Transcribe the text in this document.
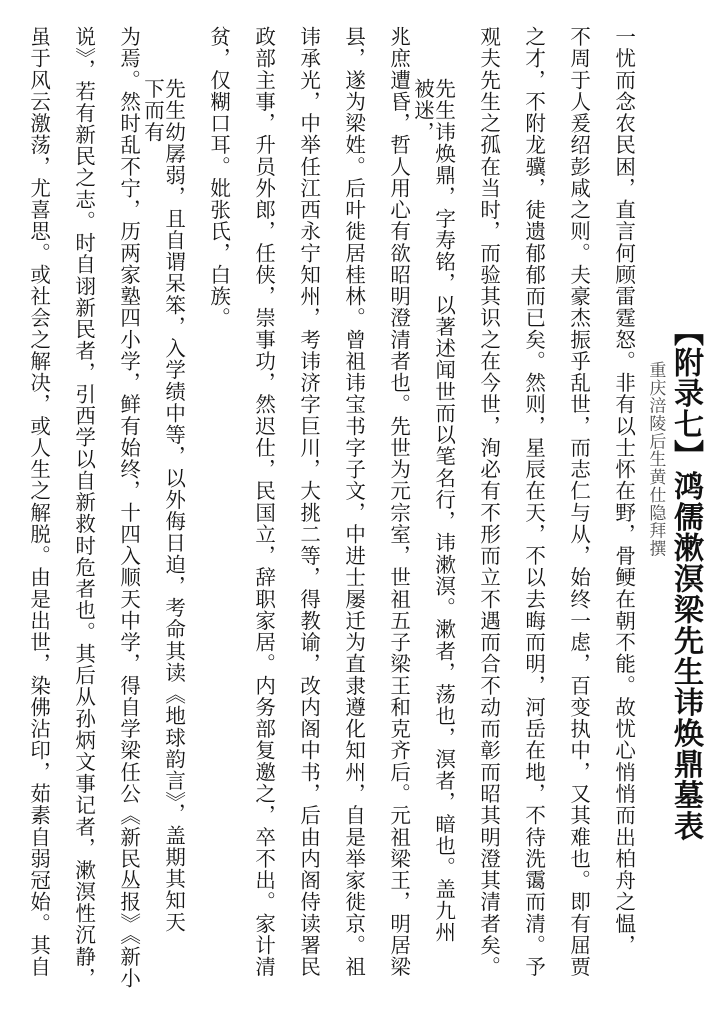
【附录七】鸿儒漱溟梁先生讳焕鼎墓表
重庆涪陵后生黄仕隐拜撰
一忧而念农民困，直言何顾雷霆怒。非有以士怀在野，骨鲠在朝不能。故忧心悄悄而出柏舟之愠，
不周于人爰绍彭咸之则。夫豪杰振乎乱世，而志仁与从，始终一虑，百变执中，又其难也。即有屈贾
之才，不附龙骥，徒遗郁郁而已矣。然则，星辰在天，不以去晦而明，河岳在地，不待洗霭而清。予
观夫先生之孤在当时，而验其识之在今世，洵必有不形而立不遇而合不动而彰而昭其明澄其清者矣。
先生讳焕鼎，字寿铭，以著述闻世而以笔名行，讳漱溟。漱者，荡也，溟者，暗也。盖九州被迷，
兆庶遭昏，哲人用心有欲昭明澄清者也。先世为元宗室，世祖五子梁王和克齐后。元祖梁王，明居梁
县，遂为梁姓。后叶徙居桂林。曾祖讳宝书字子文，中进士屡迁为直隶遵化知州，自是举家徙京。祖
讳承光，中举任江西永宁知州，考讳济字巨川，大挑二等，得教谕，改内阁中书，后由内阁侍读署民
政部主事，升员外郎，任侠，崇事功，然迟仕，民国立，辞职家居。内务部复邀之，卒不出。家计清
贫，仅糊口耳。妣张氏，白族。
先生幼孱弱，且自谓呆笨，入学绩中等，以外侮日迫，考命其读《地球韵言》，盖期其知天下而有
为焉。然时乱不宁，历两家塾四小学，鲜有始终，十四入顺天中学，得自学梁任公《新民丛报》《新小
说》，若有新民之志。时自诩新民者，引西学以自新救时危者也。其后从孙炳文事记者，漱溟性沉静，
虽于风云激荡，尤喜思。或社会之解决，或人生之解脱。由是出世，染佛沾印，茹素自弱冠始。其自
